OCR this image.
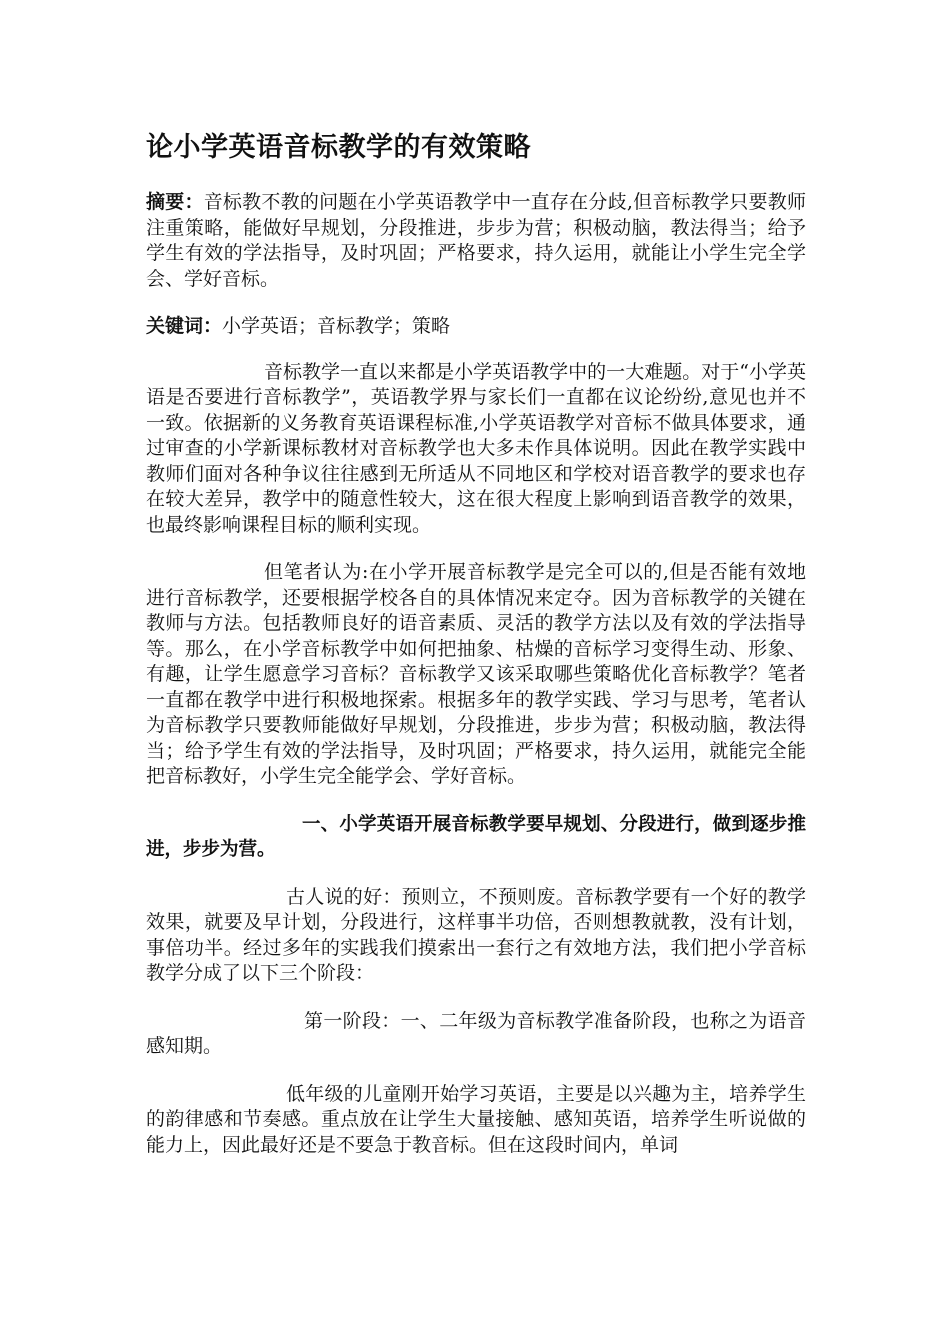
论小学英语音标教学的有效策略

摘要：音标教不教的问题在小学英语教学中一直存在分歧,但音标教学只要教师注重策略，能做好早规划，分段推进，步步为营；积极动脑，教法得当；给予学生有效的学法指导，及时巩固；严格要求，持久运用，就能让小学生完全学会、学好音标。

关键词：小学英语；音标教学；策略

音标教学一直以来都是小学英语教学中的一大难题。对于“小学英语是否要进行音标教学”，英语教学界与家长们一直都在议论纷纷,意见也并不一致。依据新的义务教育英语课程标准,小学英语教学对音标不做具体要求，通过审查的小学新课标教材对音标教学也大多未作具体说明。因此在教学实践中教师们面对各种争议往往感到无所适从不同地区和学校对语音教学的要求也存在较大差异，教学中的随意性较大，这在很大程度上影响到语音教学的效果，也最终影响课程目标的顺利实现。

但笔者认为:在小学开展音标教学是完全可以的,但是否能有效地进行音标教学，还要根据学校各自的具体情况来定夺。因为音标教学的关键在教师与方法。包括教师良好的语音素质、灵活的教学方法以及有效的学法指导等。那么，在小学音标教学中如何把抽象、枯燥的音标学习变得生动、形象、有趣，让学生愿意学习音标？音标教学又该采取哪些策略优化音标教学？笔者一直都在教学中进行积极地探索。根据多年的教学实践、学习与思考，笔者认为音标教学只要教师能做好早规划，分段推进，步步为营；积极动脑，教法得当；给予学生有效的学法指导，及时巩固；严格要求，持久运用，就能完全能把音标教好，小学生完全能学会、学好音标。

一、小学英语开展音标教学要早规划、分段进行，做到逐步推进，步步为营。

古人说的好：预则立，不预则废。音标教学要有一个好的教学效果，就要及早计划，分段进行，这样事半功倍，否则想教就教，没有计划，事倍功半。经过多年的实践我们摸索出一套行之有效地方法，我们把小学音标教学分成了以下三个阶段：

第一阶段：一、二年级为音标教学准备阶段，也称之为语音感知期。

低年级的儿童刚开始学习英语，主要是以兴趣为主，培养学生的韵律感和节奏感。重点放在让学生大量接触、感知英语，培养学生听说做的能力上，因此最好还是不要急于教音标。但在这段时间内，单词
